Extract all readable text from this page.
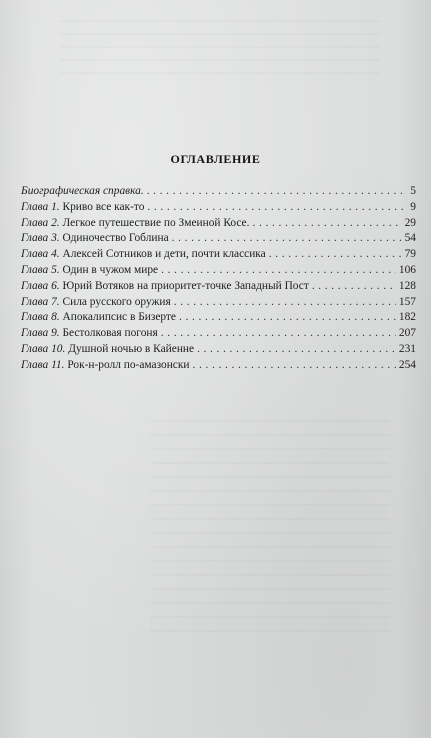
ОГЛАВЛЕНИЕ
Биографическая справка. . . .	5
Глава 1. Криво все как-то . . .	9
Глава 2. Легкое путешествие по Змеиной Косе. . . .	29
Глава 3. Одиночество Гоблина . . .	54
Глава 4. Алексей Сотников и дети, почти классика . . .	79
Глава 5. Один в чужом мире . . .	106
Глава 6. Юрий Вотяков на приоритет-точке Западный Пост . . .	128
Глава 7. Сила русского оружия . . .	157
Глава 8. Апокалипсис в Бизерте . . .	182
Глава 9. Бестолковая погоня . . .	207
Глава 10. Душной ночью в Кайенне . . .	231
Глава 11. Рок-н-ролл по-амазонски . . .	254
